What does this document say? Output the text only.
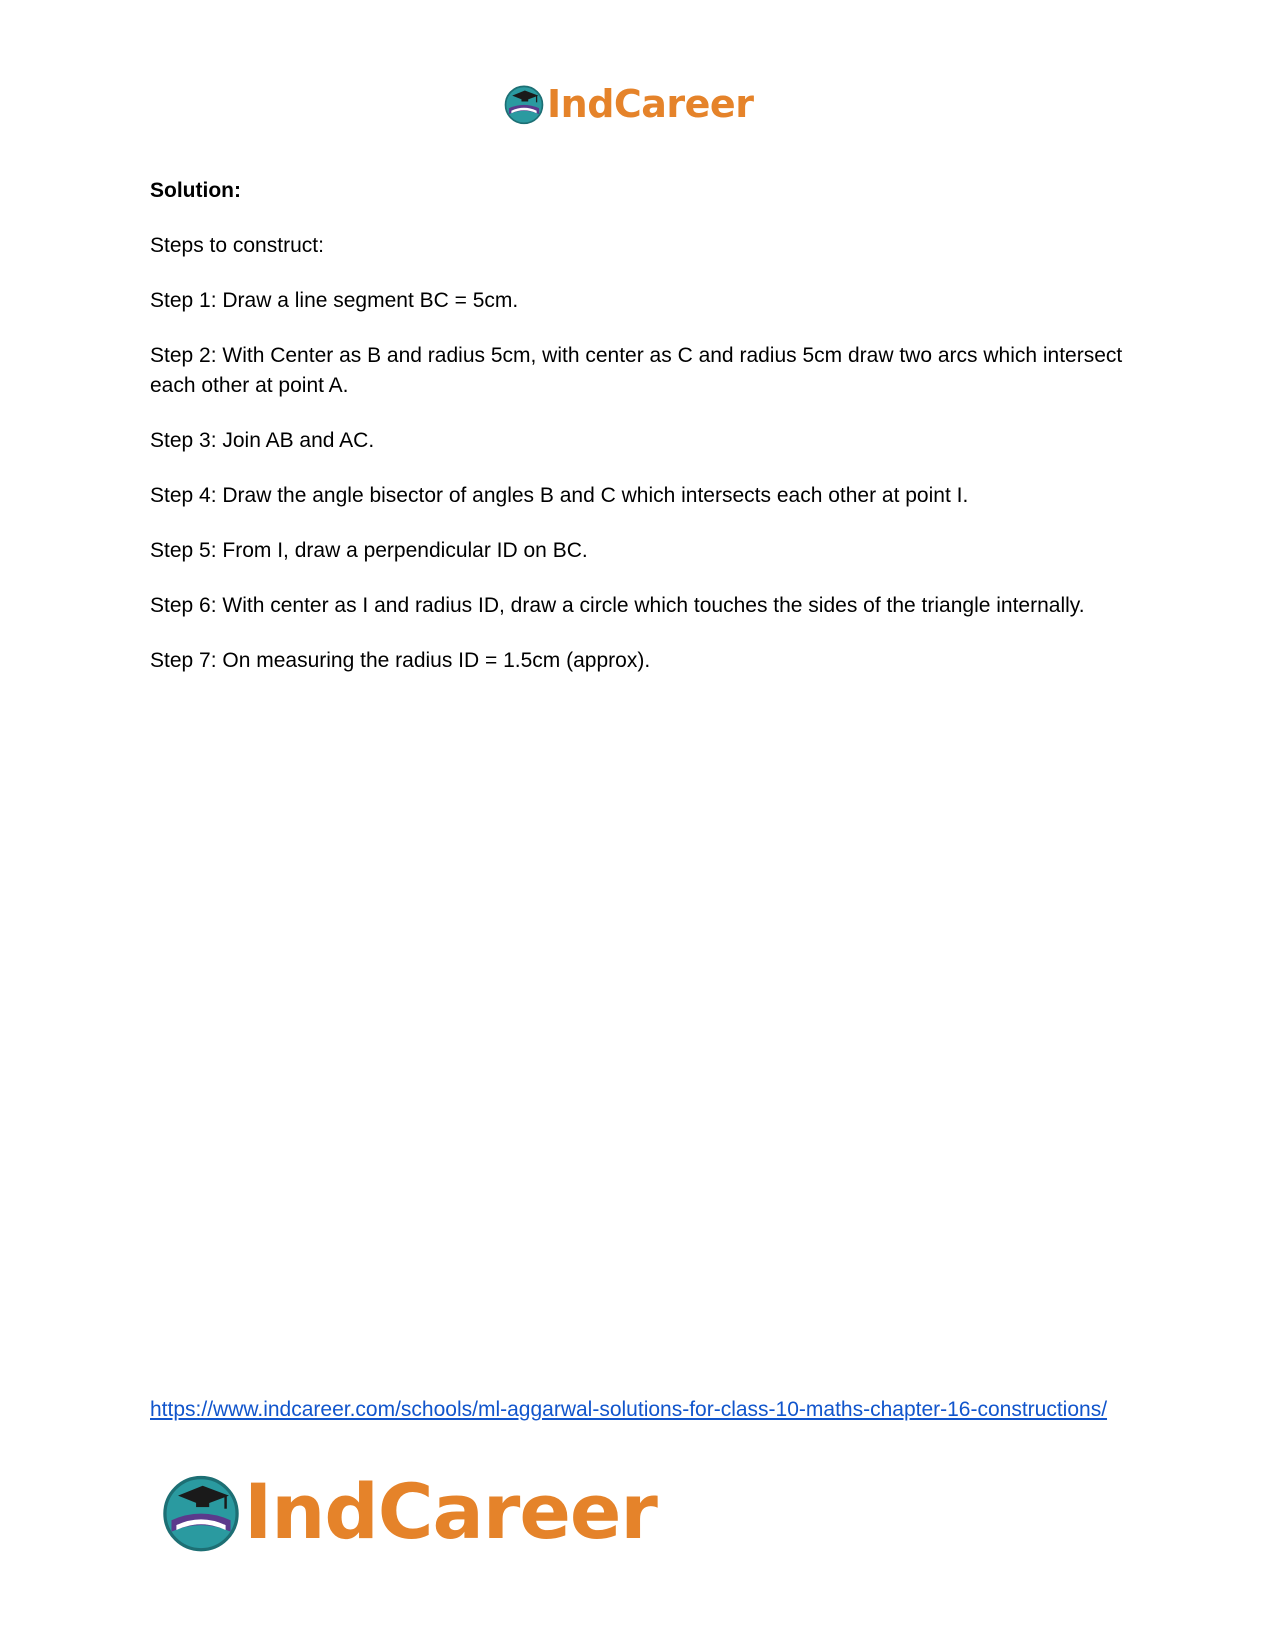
IndCareer

Solution:

Steps to construct:

Step 1: Draw a line segment BC = 5cm.

Step 2: With Center as B and radius 5cm, with center as C and radius 5cm draw two arcs which intersect each other at point A.

Step 3: Join AB and AC.

Step 4: Draw the angle bisector of angles B and C which intersects each other at point I.

Step 5: From I, draw a perpendicular ID on BC.

Step 6: With center as I and radius ID, draw a circle which touches the sides of the triangle internally.

Step 7: On measuring the radius ID = 1.5cm (approx).

https://www.indcareer.com/schools/ml-aggarwal-solutions-for-class-10-maths-chapter-16-constructions/
IndCareer
